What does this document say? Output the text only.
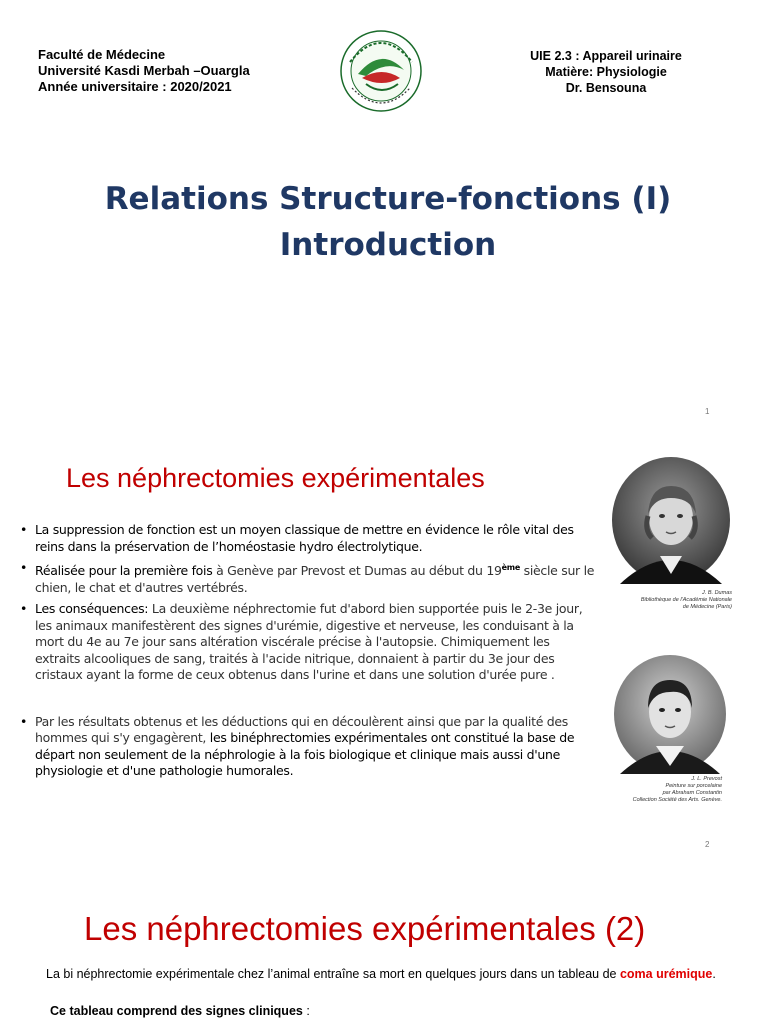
Faculté de Médecine
Université Kasdi Merbah –Ouargla
Année universitaire : 2020/2021
UIE 2.3 : Appareil urinaire
Matière: Physiologie
Dr. Bensouna
Relations Structure-fonctions (I)
Introduction
1
Les néphrectomies expérimentales
• La suppression de fonction est un moyen classique de mettre en évidence le rôle vital des reins dans la préservation de l’homéostasie hydro électrolytique.
• Réalisée pour la première fois à Genève par Prevost et Dumas au début du 19ème siècle sur le chien, le chat et d'autres vertébrés.
• Les conséquences: La deuxième néphrectomie fut d'abord bien supportée puis le 2-3e jour, les animaux manifestèrent des signes d'urémie, digestive et nerveuse, les conduisant à la mort du 4e au 7e jour sans altération viscérale précise à l'autopsie. Chimiquement les extraits alcooliques de sang, traités à l'acide nitrique, donnaient à partir du 3e jour des cristaux ayant la forme de ceux obtenus dans l'urine et dans une solution d'urée pure .
• Par les résultats obtenus et les déductions qui en découlèrent ainsi que par la qualité des hommes qui s'y engagèrent, les binéphrectomies expérimentales ont constitué la base de départ non seulement de la néphrologie à la fois biologique et clinique mais aussi d'une physiologie et d'une pathologie humorales.
J. B. Dumas
Bibliothèque de l’Académie Nationale
de Médecine (Paris)
J. L. Prevost
Peinture sur porcelaine
par Abraham Constantin
Collection Société des Arts. Genève.
2
Les néphrectomies expérimentales (2)
La bi néphrectomie expérimentale chez l’animal entraîne sa mort en quelques jours dans un tableau de coma urémique.
Ce tableau comprend des signes cliniques :
